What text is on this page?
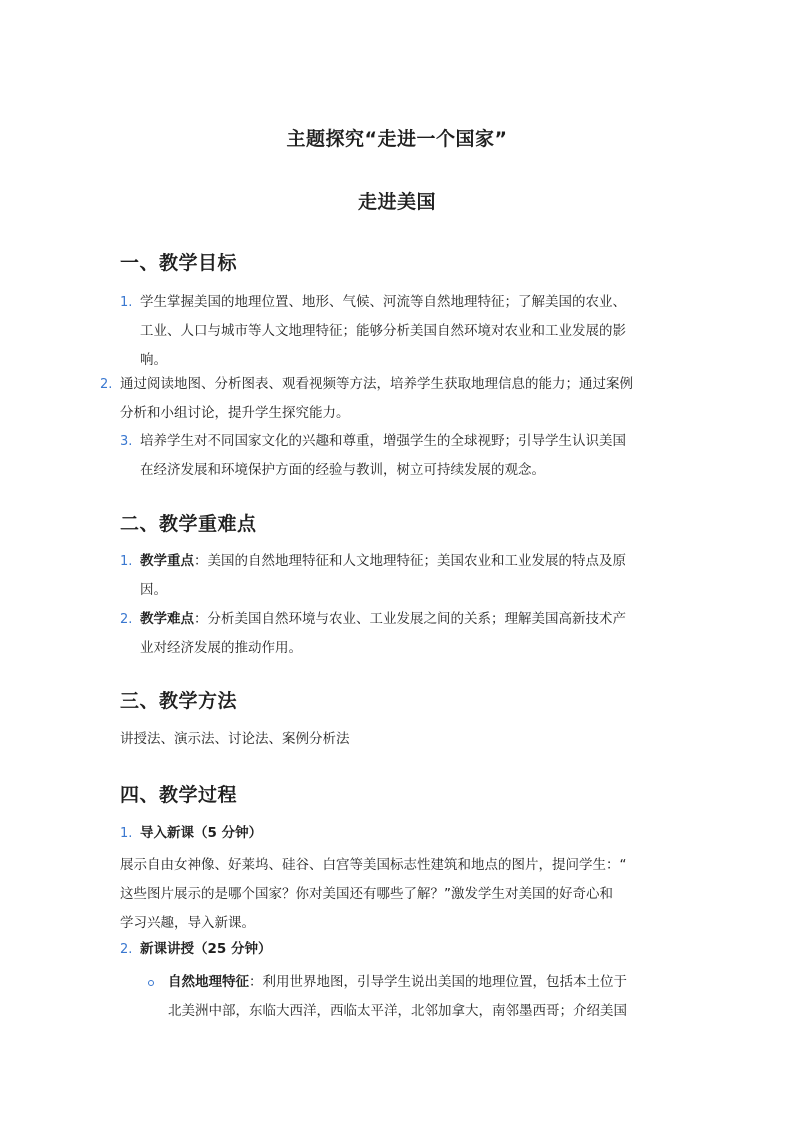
主题探究“走进一个国家”
走进美国
一、教学目标
1. 学生掌握美国的地理位置、地形、气候、河流等自然地理特征；了解美国的农业、
工业、人口与城市等人文地理特征；能够分析美国自然环境对农业和工业发展的影
响。
2. 通过阅读地图、分析图表、观看视频等方法，培养学生获取地理信息的能力；通过案例
分析和小组讨论，提升学生探究能力。
3. 培养学生对不同国家文化的兴趣和尊重，增强学生的全球视野；引导学生认识美国
在经济发展和环境保护方面的经验与教训，树立可持续发展的观念。
二、教学重难点
1. 教学重点：美国的自然地理特征和人文地理特征；美国农业和工业发展的特点及原
因。
2. 教学难点：分析美国自然环境与农业、工业发展之间的关系；理解美国高新技术产
业对经济发展的推动作用。
三、教学方法
讲授法、演示法、讨论法、案例分析法
四、教学过程
1. 导入新课（5 分钟）
展示自由女神像、好莱坞、硅谷、白宫等美国标志性建筑和地点的图片，提问学生：“
这些图片展示的是哪个国家？你对美国还有哪些了解？”激发学生对美国的好奇心和
学习兴趣，导入新课。
2. 新课讲授（25 分钟）
自然地理特征：利用世界地图，引导学生说出美国的地理位置，包括本土位于
北美洲中部，东临大西洋，西临太平洋，北邻加拿大，南邻墨西哥；介绍美国
